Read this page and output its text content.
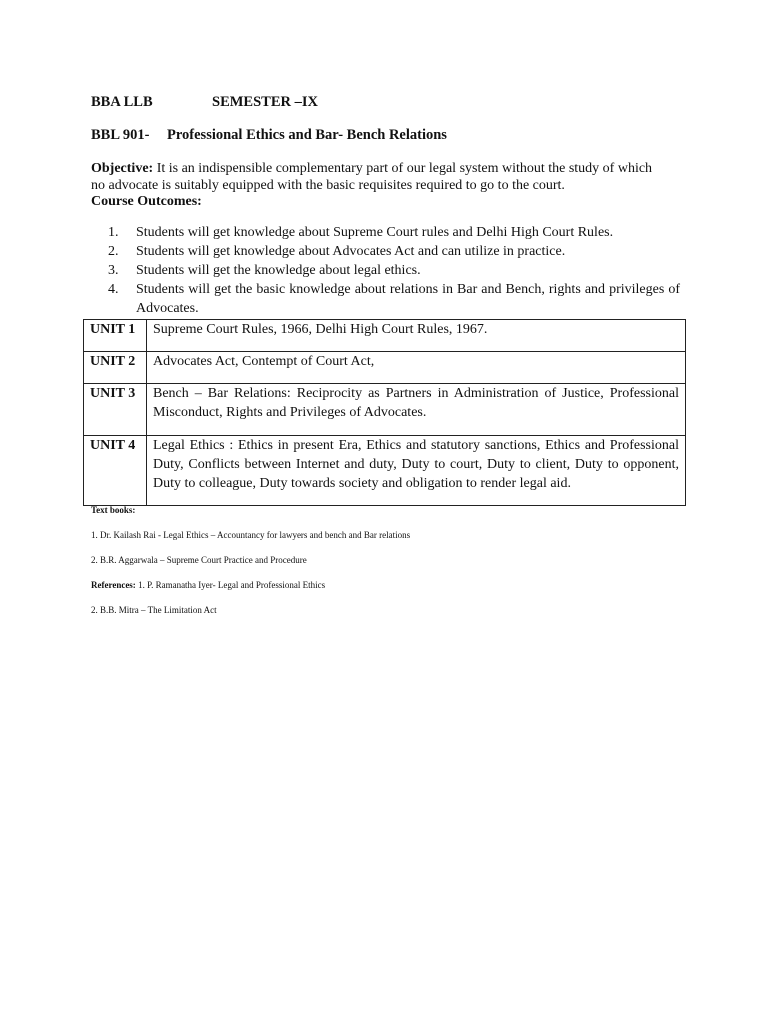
BBA LLB	SEMESTER –IX
BBL 901- Professional Ethics and Bar- Bench Relations
Objective: It is an indispensible complementary part of our legal system without the study of which
no advocate is suitably equipped with the basic requisites required to go to the court.
Course Outcomes:
1.	Students will get knowledge about Supreme Court rules and Delhi High Court Rules.
2.	Students will get knowledge about Advocates Act and can utilize in practice.
3.	Students will get the knowledge about legal ethics.
4.	Students will get the basic knowledge about relations in Bar and Bench, rights and privileges of Advocates.
UNIT 1	Supreme Court Rules, 1966, Delhi High Court Rules, 1967.
UNIT 2	Advocates Act, Contempt of Court Act,
UNIT 3	Bench – Bar Relations: Reciprocity as Partners in Administration of Justice, Professional Misconduct, Rights and Privileges of Advocates.
UNIT 4	Legal Ethics : Ethics in present Era, Ethics and statutory sanctions, Ethics and Professional Duty, Conflicts between Internet and duty, Duty to court, Duty to client, Duty to opponent, Duty to colleague, Duty towards society and obligation to render legal aid.
Text books:
1. Dr. Kailash Rai - Legal Ethics – Accountancy for lawyers and bench and Bar relations
2. B.R. Aggarwala – Supreme Court Practice and Procedure
References: 1. P. Ramanatha Iyer- Legal and Professional Ethics
2. B.B. Mitra – The Limitation Act
